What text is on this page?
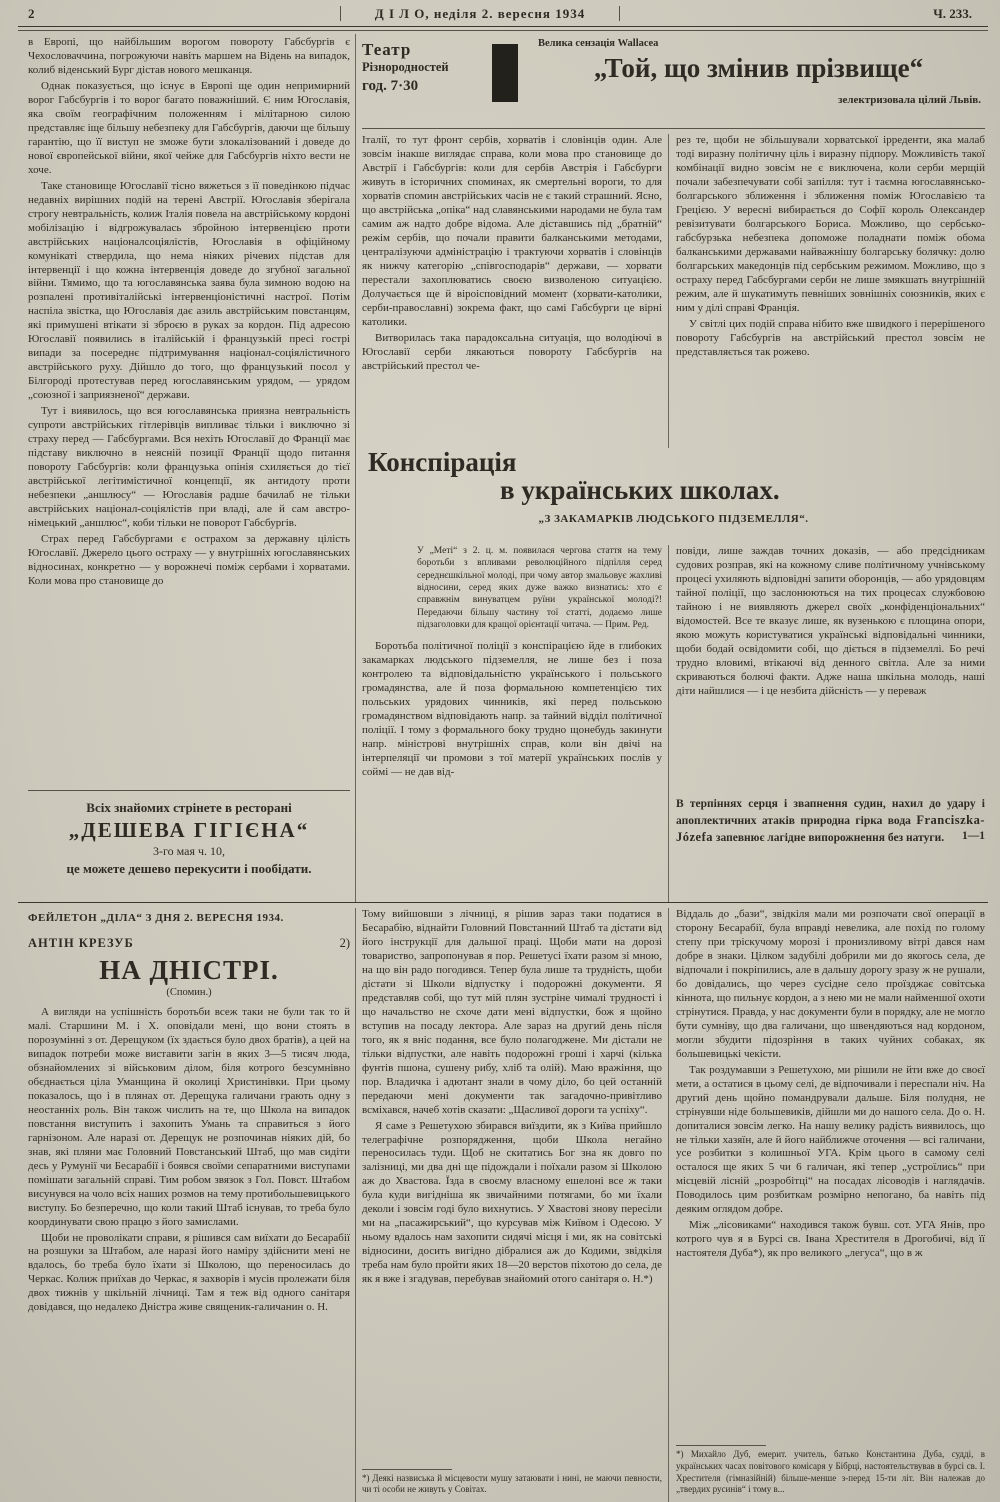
2	Д І Л О, неділя 2. вересня 1934	Ч. 233.

в Европі, що найбільшим ворогом повороту Габсбургів є Чехословаччина, погрожуючи навіть маршем на Відень на випадок, колиб віденський Бург дістав нового мешканця.

Однак показується, що існує в Европі ще один непримирний ворог Габсбургів і то ворог багато поважніший. Є ним Югославія, яка своїм географічним положенням і мілітарною силою представляє іще більшу небезпеку для Габсбургів, даючи ще більшу гарантію, що її виступ не зможе бути злокалізований і доведе до нової європейської війни, якої чейже для Габсбургів ніхто вести не хоче.

Таке становище Югославії тісно вяжеться з її поведінкою підчас недавніх вирішних подій на терені Австрії. Югославія зберігала строгу невтральність, колиж Італія повела на австрійському кордоні мобілізацію і відгрожувалась збройною інтервенцією проти австрійських націоналсоціялістів, Югославія в офіційному комунікаті ствердила, що нема ніяких річевих підстав для інтервенції і що кожна інтервенція доведе до згубної загальної війни. Тямимо, що та югославянська заява була зимною водою на розпалені противіталійські інтервенціоністичні настрої. Потім наспіла звістка, що Югославія дає азиль австрійським повстанцям, які примушені втікати зі зброєю в руках за кордон. Під адресою Югославії появились в італійській і французькій пресі гострі випади за посереднє підтримування націонал-соціялістичного австрійського руху. Дійшло до того, що французький посол у Білгороді протестував перед югославянським урядом, — урядом „союзної і заприязненої“ держави.

Тут і виявилось, що вся югославянська приязна невтральність супроти австрійських гітлерівців випливає тільки і виключно зі страху перед — Габсбургами. Вся нехіть Югославії до Франції має підставу виключно в неясній позиції Франції щодо питання повороту Габсбургів: коли французька опінія схиляється до тієї австрійської легітимістичної концепції, як антидоту проти небезпеки „аншлюсу“ — Югославія радше бачилаб не тільки австрійських націонал-соціялістів при владі, але й сам австро-німецький „аншлюс“, коби тільки не поворот Габсбургів.

Страх перед Габсбургами є острахом за державну цілість Югославії. Джерело цього остраху — у внутрішніх югославянських відносинах, конкретно — у ворожнечі поміж сербами і хорватами. Коли мова про становище до

Всіх знайомих стрінете в ресторані
„ДЕШЕВА ГІГІЄНА“
3-го мая ч. 10,
це можете дешево перекусити і пообідати.
Театр
Різнородностей
год. 7·30
Велика сензація Wallaceа
„Той, що змінив прізвище“
зелектризовала цілий Львів.

Італії, то тут фронт сербів, хорватів і словінців один. Але зовсім інакше виглядає справа, коли мова про становище до Австрії і Габсбургів: коли для сербів Австрія і Габсбурги живуть в історичних споминах, як смертельні вороги, то для хорватів спомин австрійських часів не є такий страшний. Ясно, що австрійська „опіка“ над славянськими народами не була там самим аж надто добре відома. Але діставшись під „братній“ режім сербів, що почали правити балканськими методами, централізуючи адміністрацію і трактуючи хорватів і словінців як нижчу категорію „співгосподарів“ держави, — хорвати перестали захоплюватись своєю визволеною ситуацією. Долучається ще й віроісповідний момент (хорвати-католики, серби-православні) зокрема факт, що самі Габсбурги це вірні католики.

Витворилась така парадоксальна ситуація, що володіючі в Югославії серби лякаються повороту Габсбургів на австрійський престол че-

рез те, щоби не збільшували хорватської ірреденти, яка малаб тоді виразну політичну ціль і виразну підпору. Можливість такої комбінації видно зовсім не є виключена, коли серби мерщій почали забезпечувати собі запілля: тут і таємна югославянсько-болгарського зближення і зближення поміж Югославією та Грецією. У вересні вибирається до Софії король Олександер ревізитувати болгарського Бориса. Можливо, що сербсько-габсбурзька небезпека допоможе поладнати поміж обома балканськими державами найважнішу болгарську болячку: долю болгарських македонців під сербським режимом. Можливо, що з остраху перед Габсбургами серби не лише змякшать внутрішній режим, але й шукатимуть певніших зовнішніх союзників, яких є ним у ділі справі Франція.

У світлі цих подій справа нібито вже швидкого і перерішеного повороту Габсбургів на австрійський престол зовсім не представляється так рожево.

Конспірація
в українських школах.
„З ЗАКАМАРКІВ ЛЮДСЬКОГО ПІДЗЕМЕЛЛЯ“.
У „Меті“ з 2. ц. м. появилася чергова стаття на тему боротьби з впливами революційного підпілля серед середнєшкільної молоді, при чому автор змальовує жахливі відносини, серед яких дуже важко визнатись: хто є справжнім винуватцем руїни української молоді?! Передаючи більшу частину тої статті, додаємо лише підзаголовки для кращої орієнтації читача. — Прим. Ред.

Боротьба політичної поліції з конспірацією йде в глибоких закамарках людського підземелля, не лише без і поза контролею та відповідальністю українського і польського громадянства, але й поза формальною компетенцією тих польських урядових чинників, які перед польською громадянством відповідають напр. за тайний відділ політичної поліції. І тому з формального боку трудно щонебудь закинути напр. міністрові внутрішніх справ, коли він двічі на інтерпеляції чи промови з тої матерії українських послів у соймі — не дав від-

повіди, лише заждав точних доказів, — або предсідникам судових розправ, які на кожному сливе політичному учнівському процесі ухиляють відповідні запити оборонців, — або урядовцям тайної поліції, що заслонюються на тих процесах службовою тайною і не виявляють джерел своїх „конфіденціональних“ відомостей. Все те вказує лише, як вузенькою є площина опори, якою можуть користуватися українські відповідальні чинники, щоби бодай освідомити собі, що діється в підземеллі. Бо речі трудно вловимі, втікаючі від денного світла. Але за ними скриваються болючі факти. Адже наша шкільна молодь, наші діти найшлися — і це незбита дійсність — у переваж

В терпіннях серця і звапнення судин, нахил до удару і апоплектичних атаків природна гірка вода Franciszka-Józefa запевнює лагідне випорожнення без натуги. 1—1
ФЕЙЛЕТОН „ДІЛА“ З ДНЯ 2. ВЕРЕСНЯ 1934.
АНТІН КРЕЗУБ	2)
НА ДНІСТРІ.
(Спомин.)

А вигляди на успішність боротьби всеж таки не були так то й малі. Старшини М. і Х. оповідали мені, що вони стоять в порозумінні з от. Дерещуком (їх здається було двох братів), а цей на випадок потреби може виставити загін в яких 3—5 тисяч люда, обзнайомлених зі військовим ділом, біля котрого безсумнівно обєднається ціла Уманщина й околиці Христинівки. При цьому показалось, що і в плянах от. Дерещука галичани грають одну з неостанніх роль. Він також числить на те, що Школа на випадок повстання виступить і захопить Умань та справиться з його гарнізоном. Але наразі от. Дерещук не розпочинав ніяких дій, бо знав, які пляни має Головний Повстанський Штаб, що мав сидіти десь у Румунії чи Бесарабії і боявся своїми сепаратними виступами помішати загальній справі. Тим робом звязок з Гол. Повст. Штабом висунувся на чоло всіх наших розмов на тему протибольшевицького виступу. Бо безперечно, що коли такий Штаб існував, то треба було координувати свою працю з його замислами.

Щоби не проволікати справи, я рішився сам виїхати до Бесарабії на розшуки за Штабом, але наразі його наміру здійснити мені не вдалось, бо треба було їхати зі Школою, що переносилась до Черкас. Колиж приїхав до Черкас, я захворів і мусів пролежати біля двох тижнів у шкільній лічниці. Там я теж від одного санітаря довідався, що недалеко Дністра живе священик-галичанин о. Н.

Тому вийшовши з лічниці, я рішив зараз таки податися в Бесарабію, віднайти Головний Повстанний Штаб та дістати від його інструкції для дальшої праці. Щоби мати на дорозі товариство, запропонував я пор. Решетусі їхати разом зі мною, на що він радо погодився. Тепер була лише та трудність, щоби дістати зі Школи відпустку і подорожні документи. Я представляв собі, що тут мій плян зустріне чималі трудності і що начальство не схоче дати мені відпустки, бож я щойно вступив на посаду лектора. Але зараз на другий день після того, як я вніс подання, все було полагоджене. Ми дістали не тільки відпустки, але навіть подорожні гроші і харчі (кілька фунтів пшона, сушену рибу, хліб та олій). Маю вражіння, що пор. Владичка і адютант знали в чому діло, бо цей останній передаючи мені документи так загадочно-привітливо всміхався, начеб хотів сказати: „Щасливої дороги та успіху“.

Я саме з Решетухою збирався виїздити, як з Київа прийшло телеграфічне розпорядження, щоби Школа негайно переносилась туди. Щоб не скитатись Бог зна як довго по залізниці, ми два дні ще підождали і поїхали разом зі Школою аж до Хвастова. Їзда в своєму власному ешелоні все ж таки була куди вигідніша як звичайними потягами, бо ми їхали деколи і зовсім годі було вихнутись. У Хвастові знову пересіли ми на „пасажирський“, що курсував між Київом і Одесою. У ньому вдалось нам захопити сидячі місця і ми, як на совітські відносини, досить вигідно дібралися аж до Кодими, звідкіля треба нам було пройти яких 18—20 верстов піхотою до села, де як я вже і згадував, перебував знайомий отого санітаря о. Н.*)

*) Деякі назвиська й місцевости мушу затаювати і нині, не маючи певности, чи ті особи не живуть у Совітах.

Віддаль до „бази“, звідкіля мали ми розпочати свої операції в сторону Бесарабії, була вправді невелика, але похід по голому степу при тріскучому морозі і пронизливому вітрі дався нам добре в знаки. Цілком задубілі добрили ми до якогось села, де відпочали і покріпились, але в дальшу дорогу зразу ж не рушали, бо довідались, що через сусідне село проїзджає совітська кіннота, що пильнує кордон, а з нею ми не мали найменшої охоти стрінутися. Правда, у нас документи були в порядку, але не могло бути сумніву, що два галичани, що швендяються над кордоном, могли збудити підозріння в таких чуйних собаках, як большевицькі чекісти.

Так роздумавши з Решетухою, ми рішили не йти вже до своєї мети, а остатися в цьому селі, де відпочивали і переспали ніч. На другий день щойно помандрували дальше. Біля полудня, не стрінувши ніде большевиків, дійшли ми до нашого села. До о. Н. допиталися зовсім легко. На нашу велику радість виявилось, що не тільки хазяїн, але й його найближче оточення — всі галичани, усе розбитки з колишньої УГА. Крім цього в самому селі осталося ще яких 5 чи 6 галичан, які тепер „устроїлись“ при місцевій лісній „розробітці“ на посадах лісоводів і наглядачів. Поводилось цим розбиткам розмірно непогано, ба навіть під деяким оглядом добре.

Між „лісовиками“ находився також бувш. сот. УГА Янів, про котрого чув я в Бурсі св. Івана Хрестителя в Дрогобичі, від її настоятеля Дуба*), як про великого „легуса“, що в ж

*) Михайло Дуб, емерит. учитель, батько Константина Дуба, судді, в українських часах повітового комісаря у Бібрці, настоятельствував в бурсі св. І. Хрестителя (гімназійній) більше-менше з-перед 15-ти літ. Він належав до „твердих русинів“ і тому в...
